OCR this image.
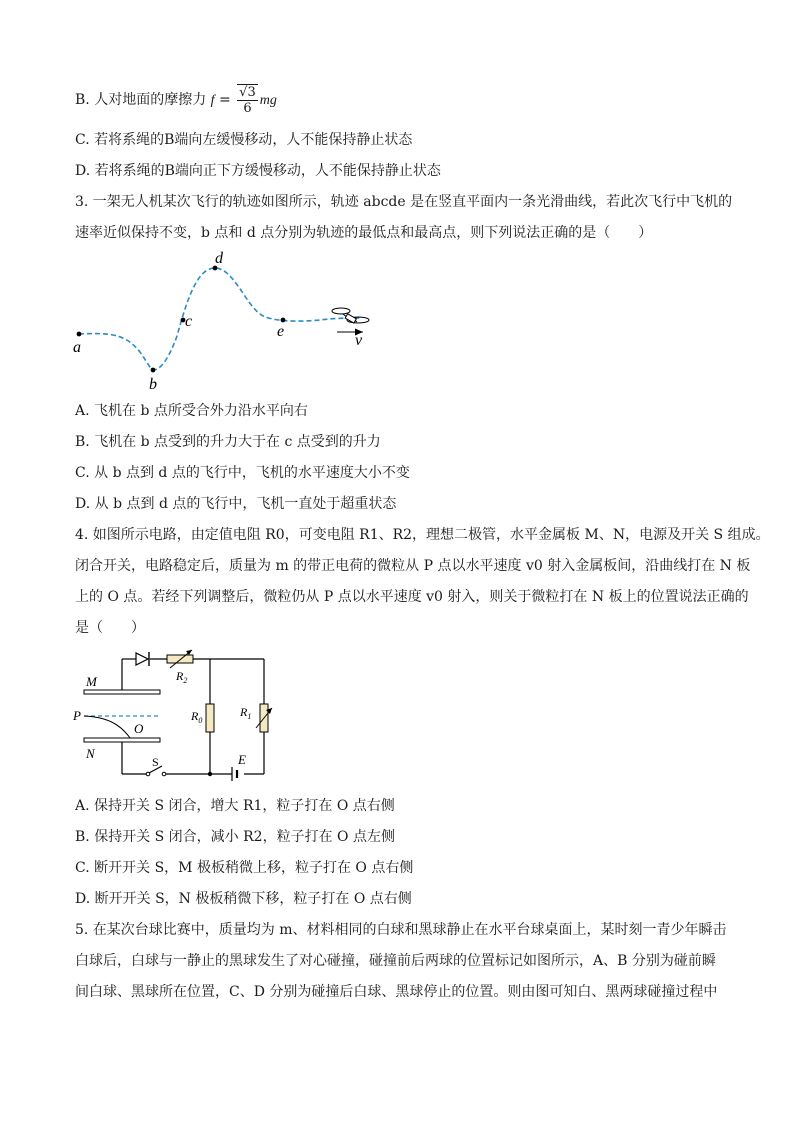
B. 人对地面的摩擦力 $f = \frac{√3}{6}$ mg
C. 若将系绳的B端向左缓慢移动，人不能保持静止状态
D. 若将系绳的B端向正下方缓慢移动，人不能保持静止状态
3. 一架无人机某次飞行的轨迹如图所示，轨迹 abcde 是在竖直平面内一条光滑曲线，若此次飞行中飞机的
速率近似保持不变，b 点和 d 点分别为轨迹的最低点和最高点，则下列说法正确的是（　　）
a
b
c
d
e
v
A. 飞机在 b 点所受合外力沿水平向右
B. 飞机在 b 点受到的升力大于在 c 点受到的升力
C. 从 b 点到 d 点的飞行中，飞机的水平速度大小不变
D. 从 b 点到 d 点的飞行中，飞机一直处于超重状态
4. 如图所示电路，由定值电阻 R0，可变电阻 R1、R2，理想二极管，水平金属板 M、N，电源及开关 S 组成。
闭合开关，电路稳定后，质量为 m 的带正电荷的微粒从 P 点以水平速度 v0 射入金属板间，沿曲线打在 N 板
上的 O 点。若经下列调整后，微粒仍从 P 点以水平速度 v0 射入，则关于微粒打在 N 板上的位置说法正确的
是（　　）
M
P
O
N
S	E
$R_2$
$R_0$
$R_1$
A. 保持开关 S 闭合，增大 R1，粒子打在 O 点右侧
B. 保持开关 S 闭合，减小 R2，粒子打在 O 点左侧
C. 断开开关 S，M 极板稍微上移，粒子打在 O 点右侧
D. 断开开关 S，N 极板稍微下移，粒子打在 O 点右侧
5. 在某次台球比赛中，质量均为 m、材料相同的白球和黑球静止在水平台球桌面上，某时刻一青少年瞬击
白球后，白球与一静止的黑球发生了对心碰撞，碰撞前后两球的位置标记如图所示，A、B 分别为碰前瞬
间白球、黑球所在位置，C、D 分别为碰撞后白球、黑球停止的位置。则由图可知白、黑两球碰撞过程中
